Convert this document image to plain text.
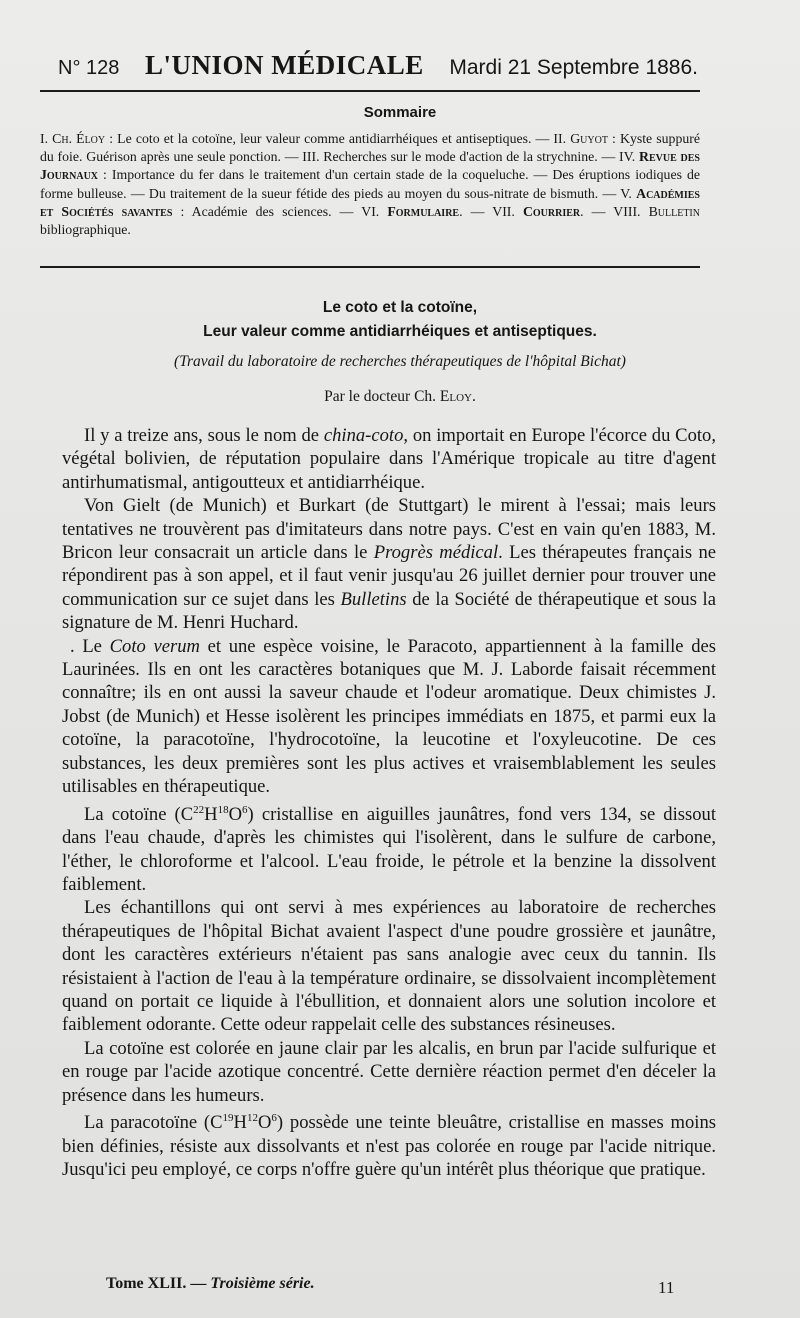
N° 128 L'UNION MÉDICALE Mardi 21 Septembre 1886.
Sommaire
I. Ch. Éloy : Le coto et la cotoïne, leur valeur comme antidiarrhéiques et antiseptiques. — II. Guyot : Kyste suppuré du foie. Guérison après une seule ponction. — III. Recherches sur le mode d'action de la strychnine. — IV. Revue des Journaux : Importance du fer dans le traitement d'un certain stade de la coqueluche. — Des éruptions iodiques de forme bulleuse. — Du traitement de la sueur fétide des pieds au moyen du sous-nitrate de bismuth. — V. Académies et Sociétés savantes : Académie des sciences. — VI. Formulaire. — VII. Courrier. — VIII. Bulletin bibliographique.
Le coto et la cotoïne,
Leur valeur comme antidiarrhéiques et antiseptiques.
(Travail du laboratoire de recherches thérapeutiques de l'hôpital Bichat)
Par le docteur Ch. Eloy.

Il y a treize ans, sous le nom de china-coto, on importait en Europe l'écorce du Coto, végétal bolivien, de réputation populaire dans l'Amérique tropicale au titre d'agent antirhumatismal, antigoutteux et antidiarrhéique.

Von Gielt (de Munich) et Burkart (de Stuttgart) le mirent à l'essai; mais leurs tentatives ne trouvèrent pas d'imitateurs dans notre pays. C'est en vain qu'en 1883, M. Bricon leur consacrait un article dans le Progrès médical. Les thérapeutes français ne répondirent pas à son appel, et il faut venir jusqu'au 26 juillet dernier pour trouver une communication sur ce sujet dans les Bulletins de la Société de thérapeutique et sous la signature de M. Henri Huchard.

. Le Coto verum et une espèce voisine, le Paracoto, appartiennent à la famille des Laurinées. Ils en ont les caractères botaniques que M. J. Laborde faisait récemment connaître; ils en ont aussi la saveur chaude et l'odeur aromatique. Deux chimistes J. Jobst (de Munich) et Hesse isolèrent les principes immédiats en 1875, et parmi eux la cotoïne, la paracotoïne, l'hydrocotoïne, la leucotine et l'oxyleucotine. De ces substances, les deux premières sont les plus actives et vraisemblablement les seules utilisables en thérapeutique.

La cotoïne $(C^{22}H^{18}O^6)$ cristallise en aiguilles jaunâtres, fond vers 134, se dissout dans l'eau chaude, d'après les chimistes qui l'isolèrent, dans le sulfure de carbone, l'éther, le chloroforme et l'alcool. L'eau froide, le pétrole et la benzine la dissolvent faiblement.

Les échantillons qui ont servi à mes expériences au laboratoire de recherches thérapeutiques de l'hôpital Bichat avaient l'aspect d'une poudre grossière et jaunâtre, dont les caractères extérieurs n'étaient pas sans analogie avec ceux du tannin. Ils résistaient à l'action de l'eau à la température ordinaire, se dissolvaient incomplètement quand on portait ce liquide à l'ébullition, et donnaient alors une solution incolore et faiblement odorante. Cette odeur rappelait celle des substances résineuses.

La cotoïne est colorée en jaune clair par les alcalis, en brun par l'acide sulfurique et en rouge par l'acide azotique concentré. Cette dernière réaction permet d'en déceler la présence dans les humeurs.

La paracotoïne $(C^{19}H^{12}O^6)$ possède une teinte bleuâtre, cristallise en masses moins bien définies, résiste aux dissolvants et n'est pas colorée en rouge par l'acide nitrique. Jusqu'ici peu employé, ce corps n'offre guère qu'un intérêt plus théorique que pratique.

Tome XLII. — Troisième série.	11
